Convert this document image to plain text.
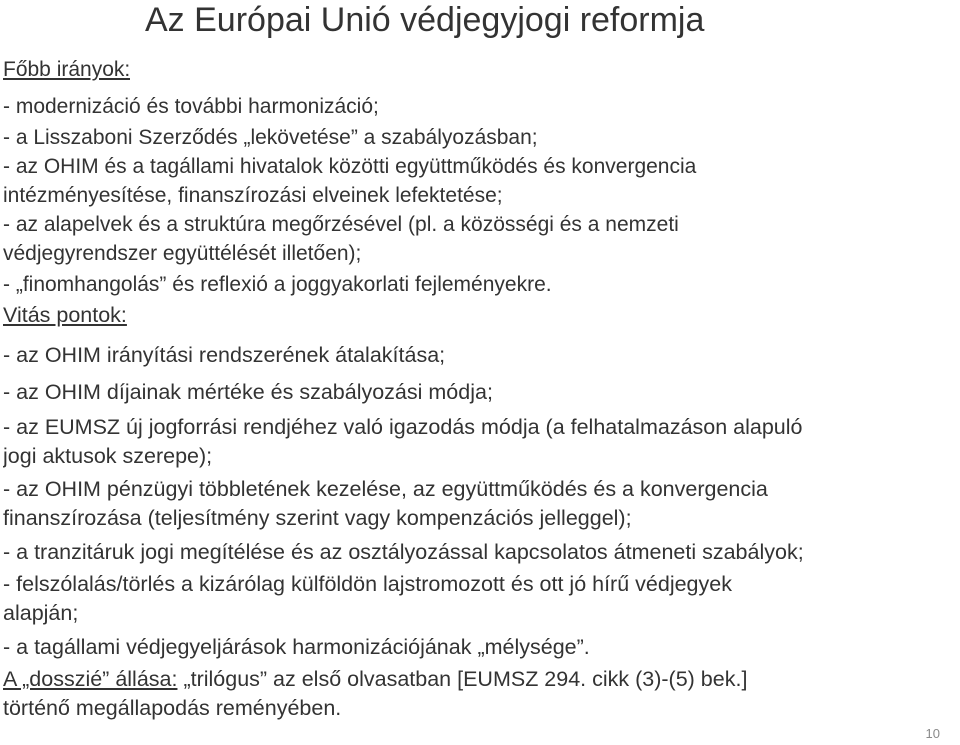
Az Európai Unió védjegyjogi reformja
Főbb irányok:
- modernizáció és további harmonizáció;
- a Lisszaboni Szerződés „lekövetése” a szabályozásban;
- az OHIM és a tagállami hivatalok közötti együttműködés és konvergencia
intézményesítése, finanszírozási elveinek lefektetése;
- az alapelvek és a struktúra megőrzésével (pl. a közösségi és a nemzeti
védjegyrendszer együttélését illetően);
- „finomhangolás” és reflexió a joggyakorlati fejleményekre.
Vitás pontok:
- az OHIM irányítási rendszerének átalakítása;
- az OHIM díjainak mértéke és szabályozási módja;
- az EUMSZ új jogforrási rendjéhez való igazodás módja (a felhatalmazáson alapuló
jogi aktusok szerepe);
- az OHIM pénzügyi többletének kezelése, az együttműködés és a konvergencia
finanszírozása (teljesítmény szerint vagy kompenzációs jelleggel);
- a tranzitáruk jogi megítélése és az osztályozással kapcsolatos átmeneti szabályok;
- felszólalás/törlés a kizárólag külföldön lajstromozott és ott jó hírű védjegyek
alapján;
- a tagállami védjegyeljárások harmonizációjának „mélysége”.
A „dosszié” állása: „trilógus” az első olvasatban [EUMSZ 294. cikk (3)-(5) bek.]
történő megállapodás reményében.
10
